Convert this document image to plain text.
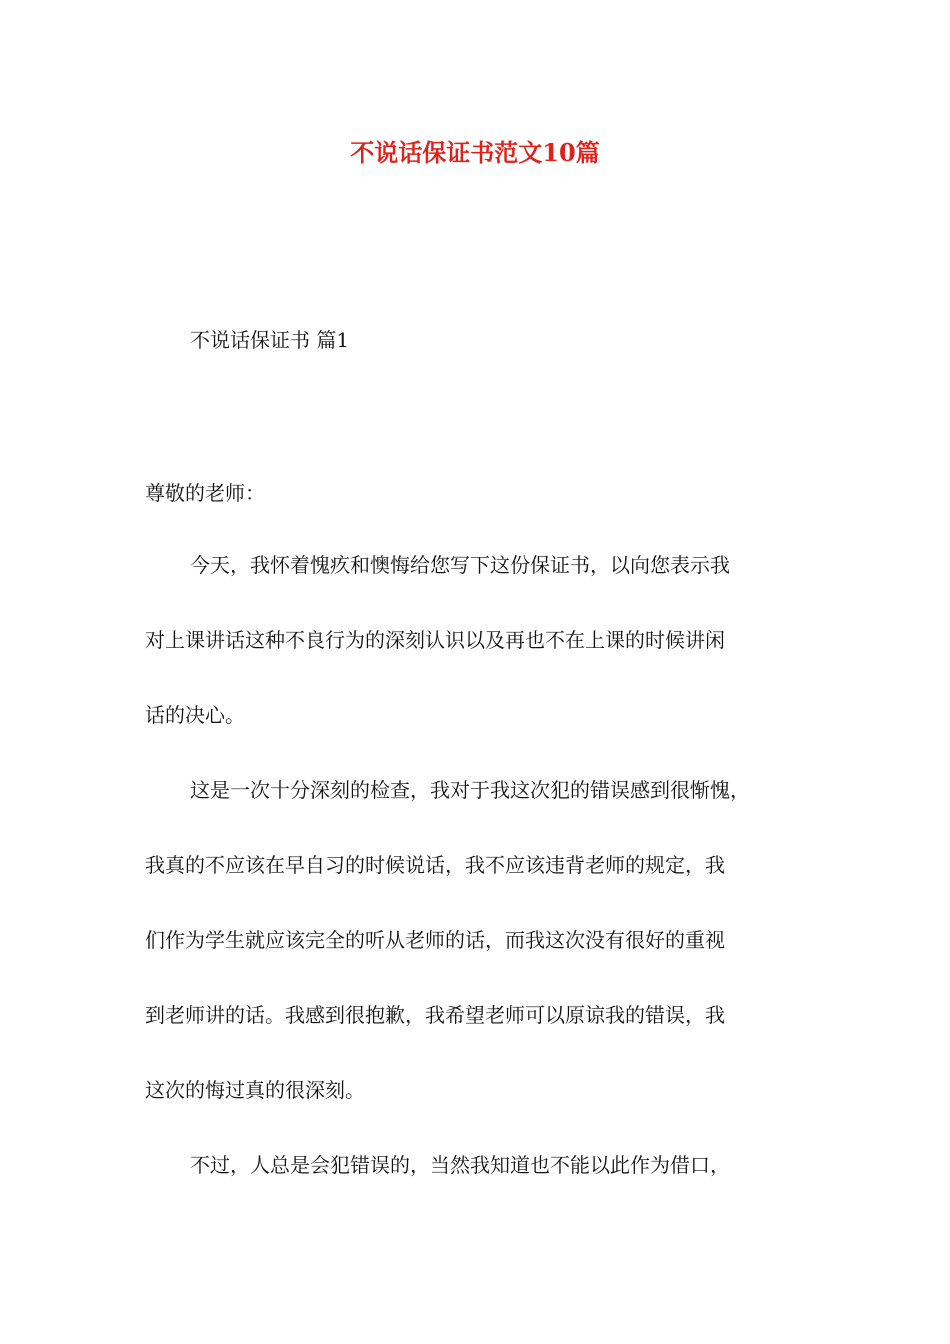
不说话保证书范文10篇

不说话保证书 篇1

尊敬的老师：

今天，我怀着愧疚和懊悔给您写下这份保证书，以向您表示我

对上课讲话这种不良行为的深刻认识以及再也不在上课的时候讲闲

话的决心。

这是一次十分深刻的检查，我对于我这次犯的错误感到很惭愧，

我真的不应该在早自习的时候说话，我不应该违背老师的规定，我

们作为学生就应该完全的听从老师的话，而我这次没有很好的重视

到老师讲的话。我感到很抱歉，我希望老师可以原谅我的错误，我

这次的悔过真的很深刻。

不过，人总是会犯错误的，当然我知道也不能以此作为借口，
